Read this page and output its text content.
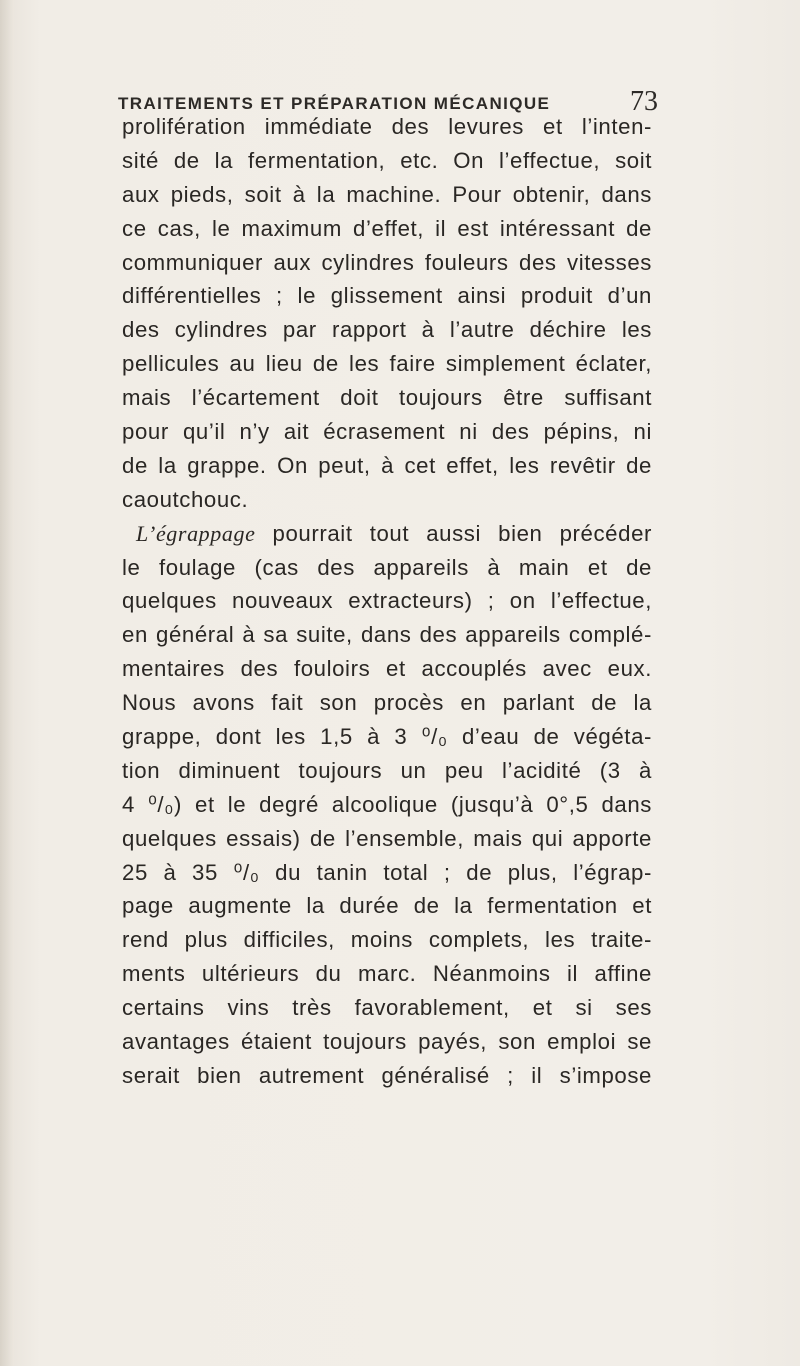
TRAITEMENTS ET PRÉPARATION MÉCANIQUE	73
prolifération immédiate des levures et l’inten-
sité de la fermentation, etc. On l’effectue, soit
aux pieds, soit à la machine. Pour obtenir, dans
ce cas, le maximum d’effet, il est intéressant de
communiquer aux cylindres fouleurs des vitesses
différentielles ; le glissement ainsi produit d’un
des cylindres par rapport à l’autre déchire les
pellicules au lieu de les faire simplement éclater,
mais l’écartement doit toujours être suffisant
pour qu’il n’y ait écrasement ni des pépins, ni
de la grappe. On peut, à cet effet, les revêtir de
caoutchouc.
L’égrappage pourrait tout aussi bien précéder
le foulage (cas des appareils à main et de
quelques nouveaux extracteurs) ; on l’effectue,
en général à sa suite, dans des appareils complé-
mentaires des fouloirs et accouplés avec eux.
Nous avons fait son procès en parlant de la
grappe, dont les 1,5 à 3 ⁰/₀ d’eau de végéta-
tion diminuent toujours un peu l’acidité (3 à
4 ⁰/₀) et le degré alcoolique (jusqu’à 0°,5 dans
quelques essais) de l’ensemble, mais qui apporte
25 à 35 ⁰/₀ du tanin total ; de plus, l’égrap-
page augmente la durée de la fermentation et
rend plus difficiles, moins complets, les traite-
ments ultérieurs du marc. Néanmoins il affine
certains vins très favorablement, et si ses
avantages étaient toujours payés, son emploi se
serait bien autrement généralisé ; il s’impose
